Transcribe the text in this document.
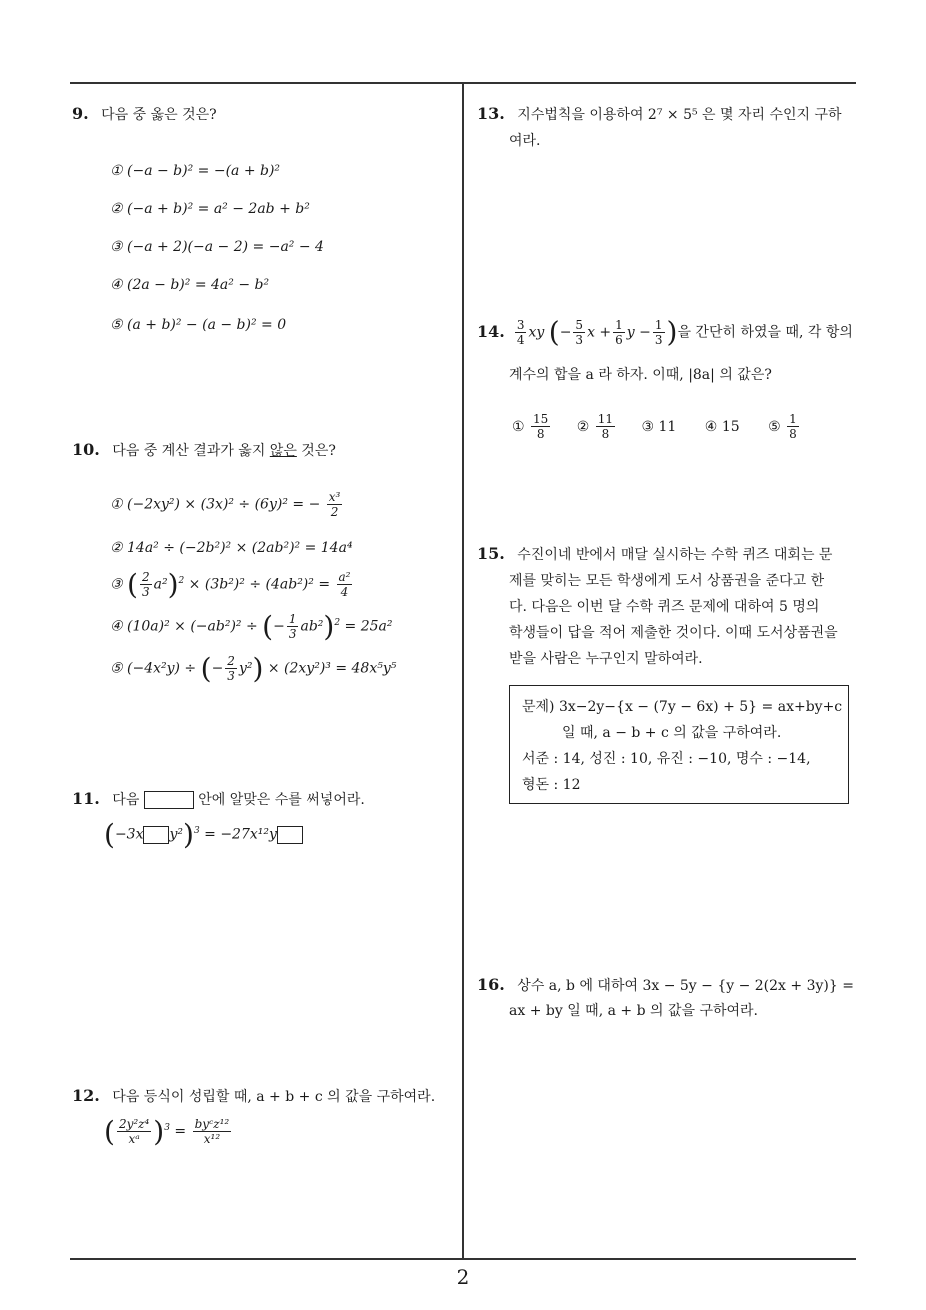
9. 다음 중 옳은 것은?
① (−a − b)² = −(a + b)²
② (−a + b)² = a² − 2ab + b²
③ (−a + 2)(−a − 2) = −a² − 4
④ (2a − b)² = 4a² − b²
⑤ (a + b)² − (a − b)² = 0
10. 다음 중 계산 결과가 옳지 않은 것은?
① (−2xy²) × (3x)² ÷ (6y)² = − $\frac{\text{x³}}{2}$
② 14a² ÷ (−2b²)² × (2ab²)² = 14a⁴
③ ( $\frac{2}{3} a^2)^2 \times (3b^2)^2 \div (4ab^2)^2 = \frac{\text{a²}}{4}$
④ (10a)² × (−ab²)² ÷ (− $\frac{1}{3} ab^2)^2 = 25a^2$
⑤ (−4x²y) ÷ (− $\frac{2}{3} y^2) \times (2xy^2)^3 = 48x^5y^5$
11. 다음	안에 알맞은 수를 써넣어라.
(−3x y²)$^3$ = −27x¹²y
12. 다음 등식이 성립할 때, a + b + c 의 값을 구하여라.
( $\frac{\text{2y²z⁴}}{\text{xᵃ}} )^3 = \frac{\text{byᶜz¹²}}{\text{x¹²}}$
13. 지수법칙을 이용하여 2⁷ × 5⁵ 은 몇 자리 수인지 구하
여라.
14. $\frac{3}{4}$ xy (− $\frac{5}{3}$ $x + \frac{1}{6}$ $y - \frac{1}{3}$ )을 간단히 하였을 때, 각 항의
계수의 합을 a 라 하자. 이때, |8a| 의 값은?
① $\frac{15}{8}$ ② $\frac{11}{8}$ ③ 11 ④ 15 ⑤ $\frac{1}{8}$
15. 수진이네 반에서 매달 실시하는 수학 퀴즈 대회는 문
제를 맞히는 모든 학생에게 도서 상품권을 준다고 한
다. 다음은 이번 달 수학 퀴즈 문제에 대하여 5 명의
학생들이 답을 적어 제출한 것이다. 이때 도서상품권을
받을 사람은 누구인지 말하여라.
문제) 3x−2y−{x − (7y − 6x) + 5} = ax+by+c
일 때, a − b + c 의 값을 구하여라.
서준 : 14, 성진 : 10, 유진 : −10, 명수 : −14,
형돈 : 12
16. 상수 a, b 에 대하여 3x − 5y − {y − 2(2x + 3y)} =
ax + by 일 때, a + b 의 값을 구하여라.
2
